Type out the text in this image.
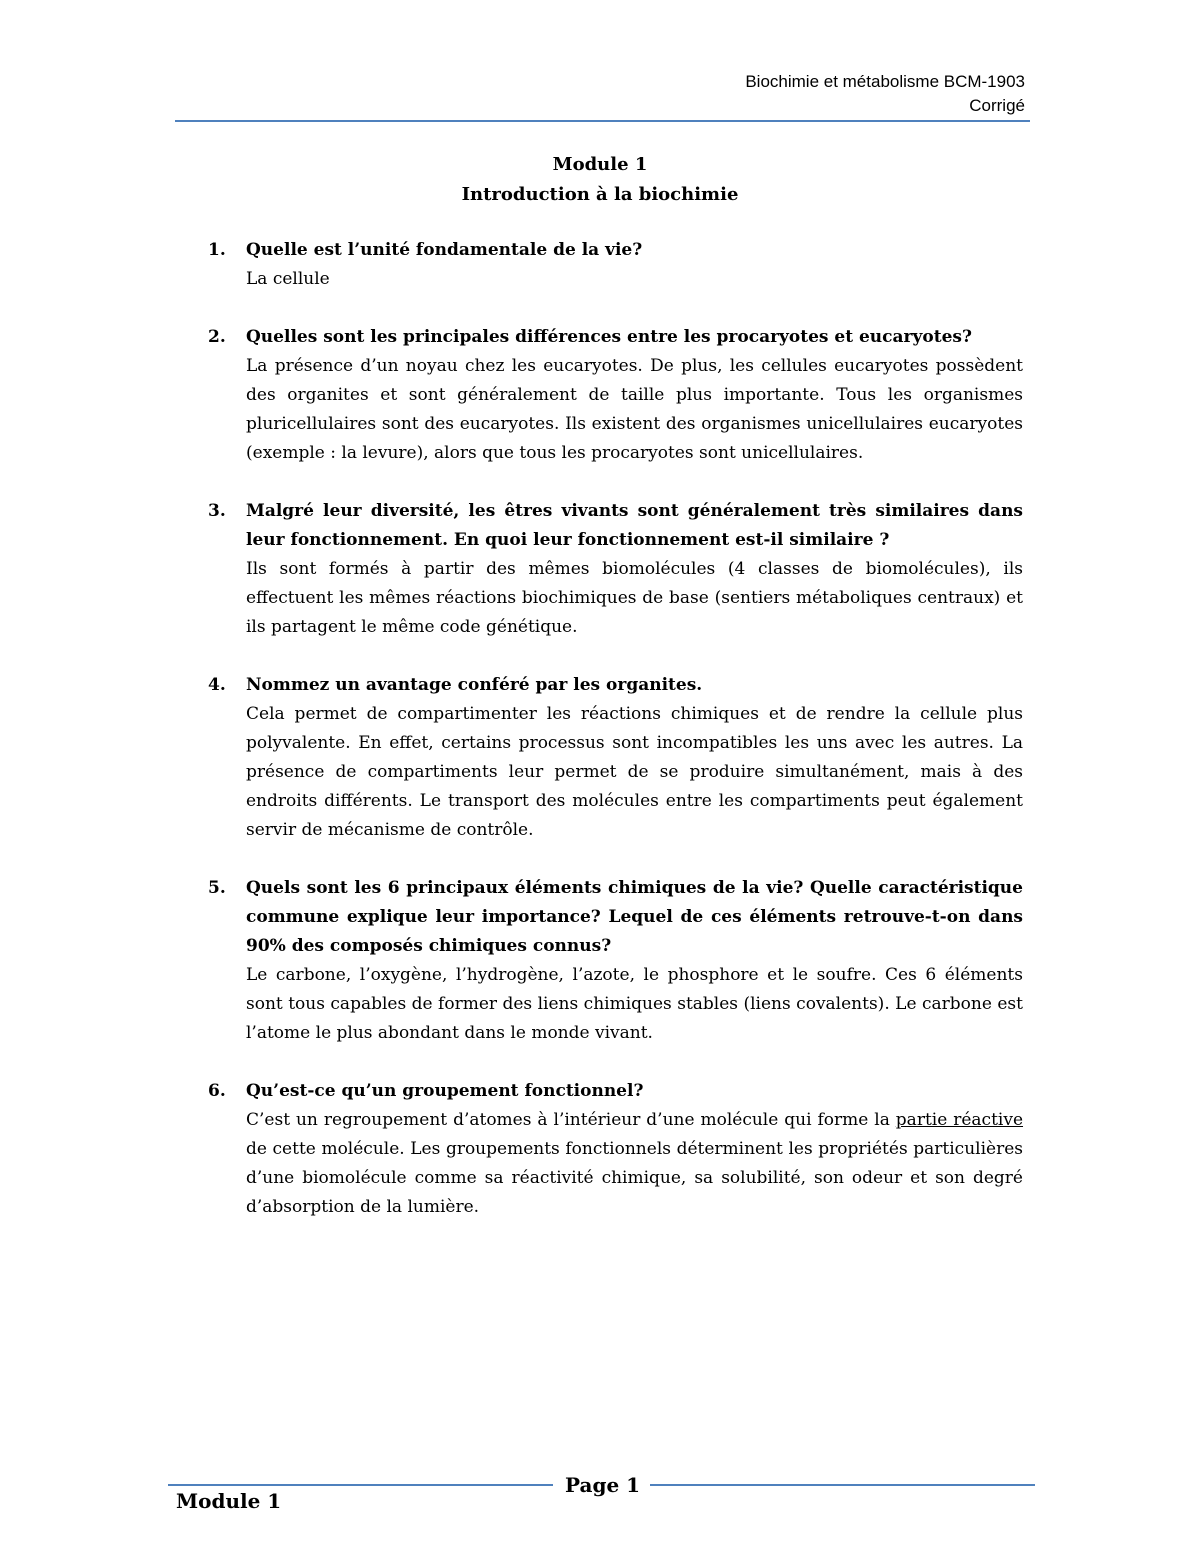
Biochimie et métabolisme BCM-1903
Corrigé
Module 1
Introduction à la biochimie
1. Quelle est l’unité fondamentale de la vie?
La cellule
2. Quelles sont les principales différences entre les procaryotes et eucaryotes?
La présence d’un noyau chez les eucaryotes. De plus, les cellules eucaryotes possèdent des organites et sont généralement de taille plus importante. Tous les organismes pluricellulaires sont des eucaryotes. Ils existent des organismes unicellulaires eucaryotes (exemple : la levure), alors que tous les procaryotes sont unicellulaires.
3. Malgré leur diversité, les êtres vivants sont généralement très similaires dans leur fonctionnement. En quoi leur fonctionnement est-il similaire ?
Ils sont formés à partir des mêmes biomolécules (4 classes de biomolécules), ils effectuent les mêmes réactions biochimiques de base (sentiers métaboliques centraux) et ils partagent le même code génétique.
4. Nommez un avantage conféré par les organites.
Cela permet de compartimenter les réactions chimiques et de rendre la cellule plus polyvalente. En effet, certains processus sont incompatibles les uns avec les autres. La présence de compartiments leur permet de se produire simultanément, mais à des endroits différents. Le transport des molécules entre les compartiments peut également servir de mécanisme de contrôle.
5. Quels sont les 6 principaux éléments chimiques de la vie? Quelle caractéristique commune explique leur importance? Lequel de ces éléments retrouve-t-on dans 90% des composés chimiques connus?
Le carbone, l’oxygène, l’hydrogène, l’azote, le phosphore et le soufre. Ces 6 éléments sont tous capables de former des liens chimiques stables (liens covalents). Le carbone est l’atome le plus abondant dans le monde vivant.
6. Qu’est-ce qu’un groupement fonctionnel?
C’est un regroupement d’atomes à l’intérieur d’une molécule qui forme la partie réactive de cette molécule. Les groupements fonctionnels déterminent les propriétés particulières d’une biomolécule comme sa réactivité chimique, sa solubilité, son odeur et son degré d’absorption de la lumière.
Page 1
Module 1
